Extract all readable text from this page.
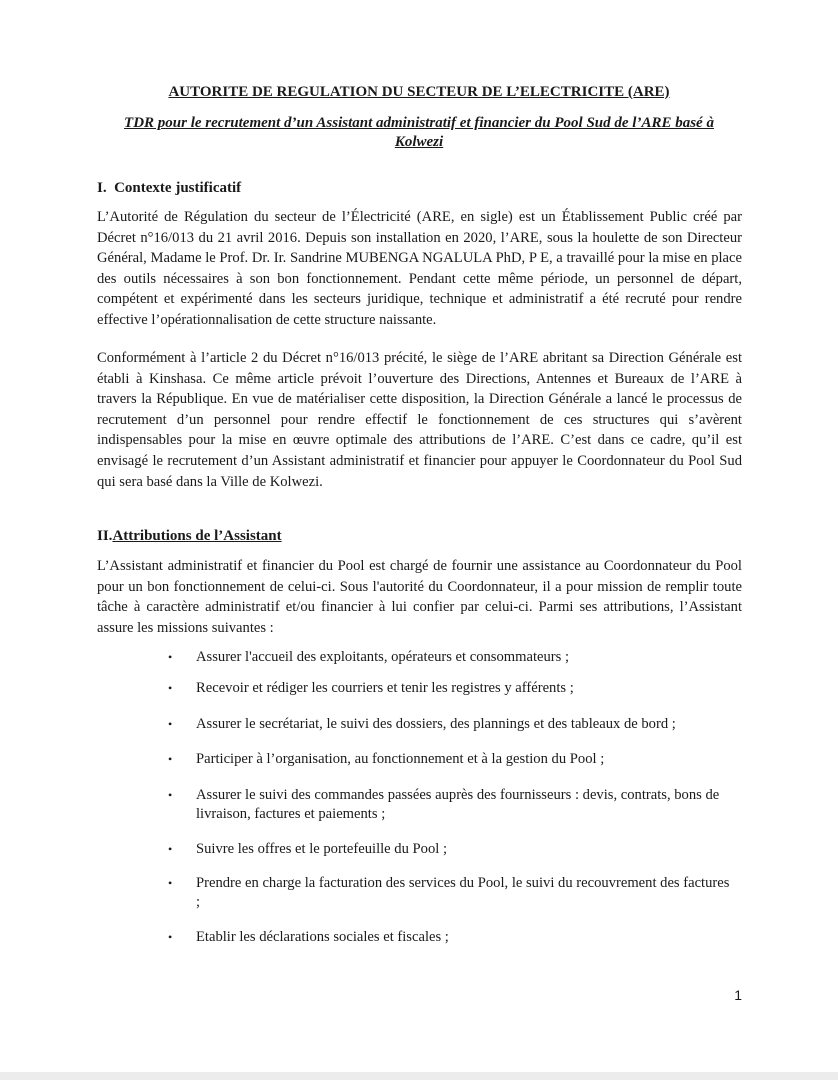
AUTORITE DE REGULATION DU SECTEUR DE L’ELECTRICITE (ARE)
TDR pour le recrutement d’un Assistant administratif et financier du Pool Sud de l’ARE basé à Kolwezi
I. Contexte justificatif

L’Autorité de Régulation du secteur de l’Électricité (ARE, en sigle) est un Établissement Public créé par Décret n°16/013 du 21 avril 2016. Depuis son installation en 2020, l’ARE, sous la houlette de son Directeur Général, Madame le Prof. Dr. Ir. Sandrine MUBENGA NGALULA PhD, P E, a travaillé pour la mise en place des outils nécessaires à son bon fonctionnement. Pendant cette même période, un personnel de départ, compétent et expérimenté dans les secteurs juridique, technique et administratif a été recruté pour rendre effective l’opérationnalisation de cette structure naissante.

Conformément à l’article 2 du Décret n°16/013 précité, le siège de l’ARE abritant sa Direction Générale est établi à Kinshasa. Ce même article prévoit l’ouverture des Directions, Antennes et Bureaux de l’ARE à travers la République. En vue de matérialiser cette disposition, la Direction Générale a lancé le processus de recrutement d’un personnel pour rendre effectif le fonctionnement de ces structures qui s’avèrent indispensables pour la mise en œuvre optimale des attributions de l’ARE. C’est dans ce cadre, qu’il est envisagé le recrutement d’un Assistant administratif et financier pour appuyer le Coordonnateur du Pool Sud qui sera basé dans la Ville de Kolwezi.

II.Attributions de l’Assistant

L’Assistant administratif et financier du Pool est chargé de fournir une assistance au Coordonnateur du Pool pour un bon fonctionnement de celui-ci. Sous l'autorité du Coordonnateur, il a pour mission de remplir toute tâche à caractère administratif et/ou financier à lui confier par celui-ci. Parmi ses attributions, l’Assistant assure les missions suivantes :

• Assurer l'accueil des exploitants, opérateurs et consommateurs ;
• Recevoir et rédiger les courriers et tenir les registres y afférents ;
• Assurer le secrétariat, le suivi des dossiers, des plannings et des tableaux de bord ;
• Participer à l’organisation, au fonctionnement et à la gestion du Pool ;
• Assurer le suivi des commandes passées auprès des fournisseurs : devis, contrats, bons de livraison, factures et paiements ;
• Suivre les offres et le portefeuille du Pool ;
• Prendre en charge la facturation des services du Pool, le suivi du recouvrement des factures ;
• Etablir les déclarations sociales et fiscales ;
1
